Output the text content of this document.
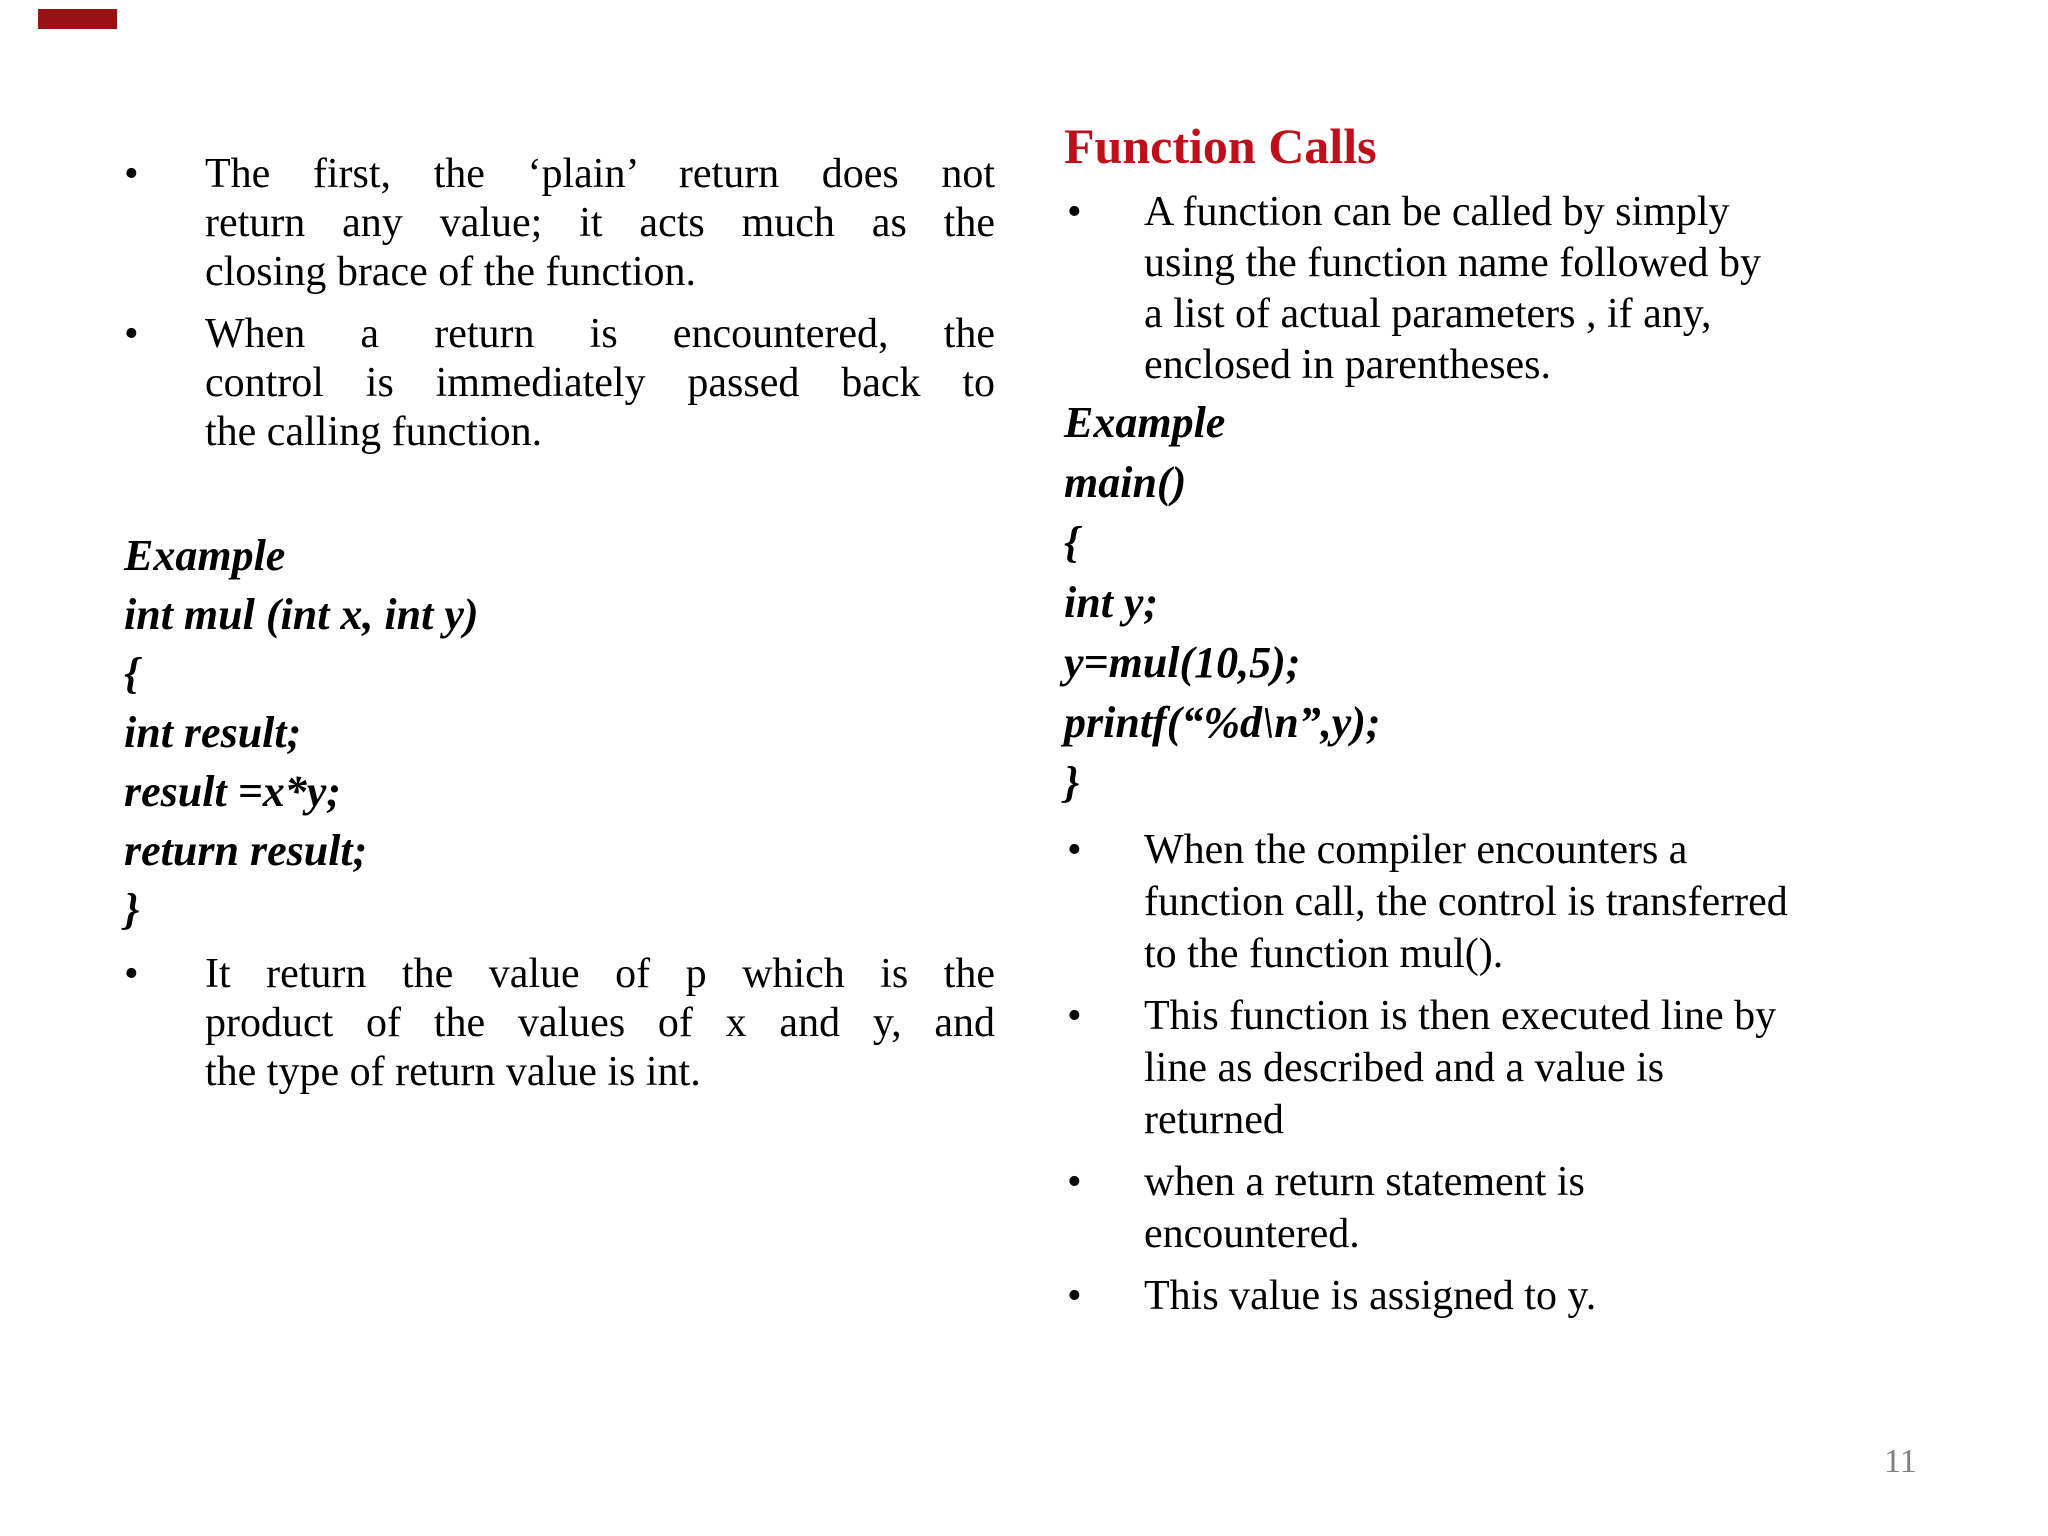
•	The first, the ‘plain’ return does not
return any value; it acts much as the
closing brace of the function.
•	When a return is encountered, the
control is immediately passed back to
the calling function.
Example
int mul (int x, int y)
{
int result;
result =x*y;
return result;
}
•	It return the value of p which is the
product of the values of x and y, and
the type of return value is int.
Function Calls
•	A function can be called by simply
using the function name followed by
a list of actual parameters , if any,
enclosed in parentheses.
Example
main()
{
int y;
y=mul(10,5);
printf(“%d\n”,y);
}
•	When the compiler encounters a
function call, the control is transferred
to the function mul().
•	This function is then executed line by
line as described and a value is
returned
•	when a return statement is
encountered.
•	This value is assigned to y.
11
